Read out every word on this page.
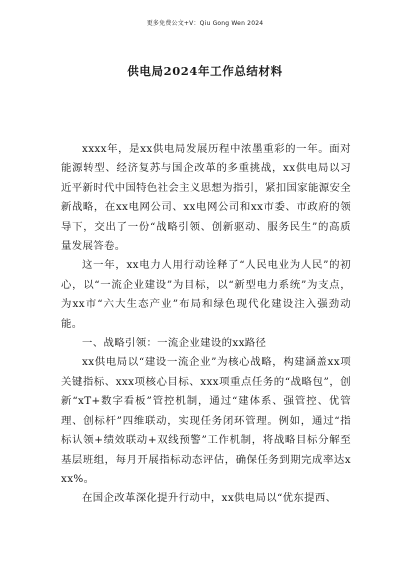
更多免费公文+V：Qiu Gong Wen 2024
供电局2024年工作总结材料

xxxx年，是xx供电局发展历程中浓墨重彩的一年。面对能源转型、经济复苏与国企改革的多重挑战，xx供电局以习近平新时代中国特色社会主义思想为指引，紧扣国家能源安全新战略，在xx电网公司、xx电网公司和xx市委、市政府的领导下，交出了一份“战略引领、创新驱动、服务民生”的高质量发展答卷。

这一年，xx电力人用行动诠释了“人民电业为人民”的初心，以“一流企业建设”为目标，以“新型电力系统”为支点，为xx市“六大生态产业”布局和绿色现代化建设注入强劲动能。

一、战略引领：一流企业建设的xx路径

xx供电局以“建设一流企业”为核心战略，构建涵盖xx项关键指标、xxx项核心目标、xxx项重点任务的“战略包”，创新“xT+数字看板”管控机制，通过“建体系、强管控、优管理、创标杆”四维联动，实现任务闭环管理。例如，通过“指标认领+绩效联动+双线预警”工作机制，将战略目标分解至基层班组，每月开展指标动态评估，确保任务到期完成率达xxx%。

在国企改革深化提升行动中，xx供电局以“优东提西、
